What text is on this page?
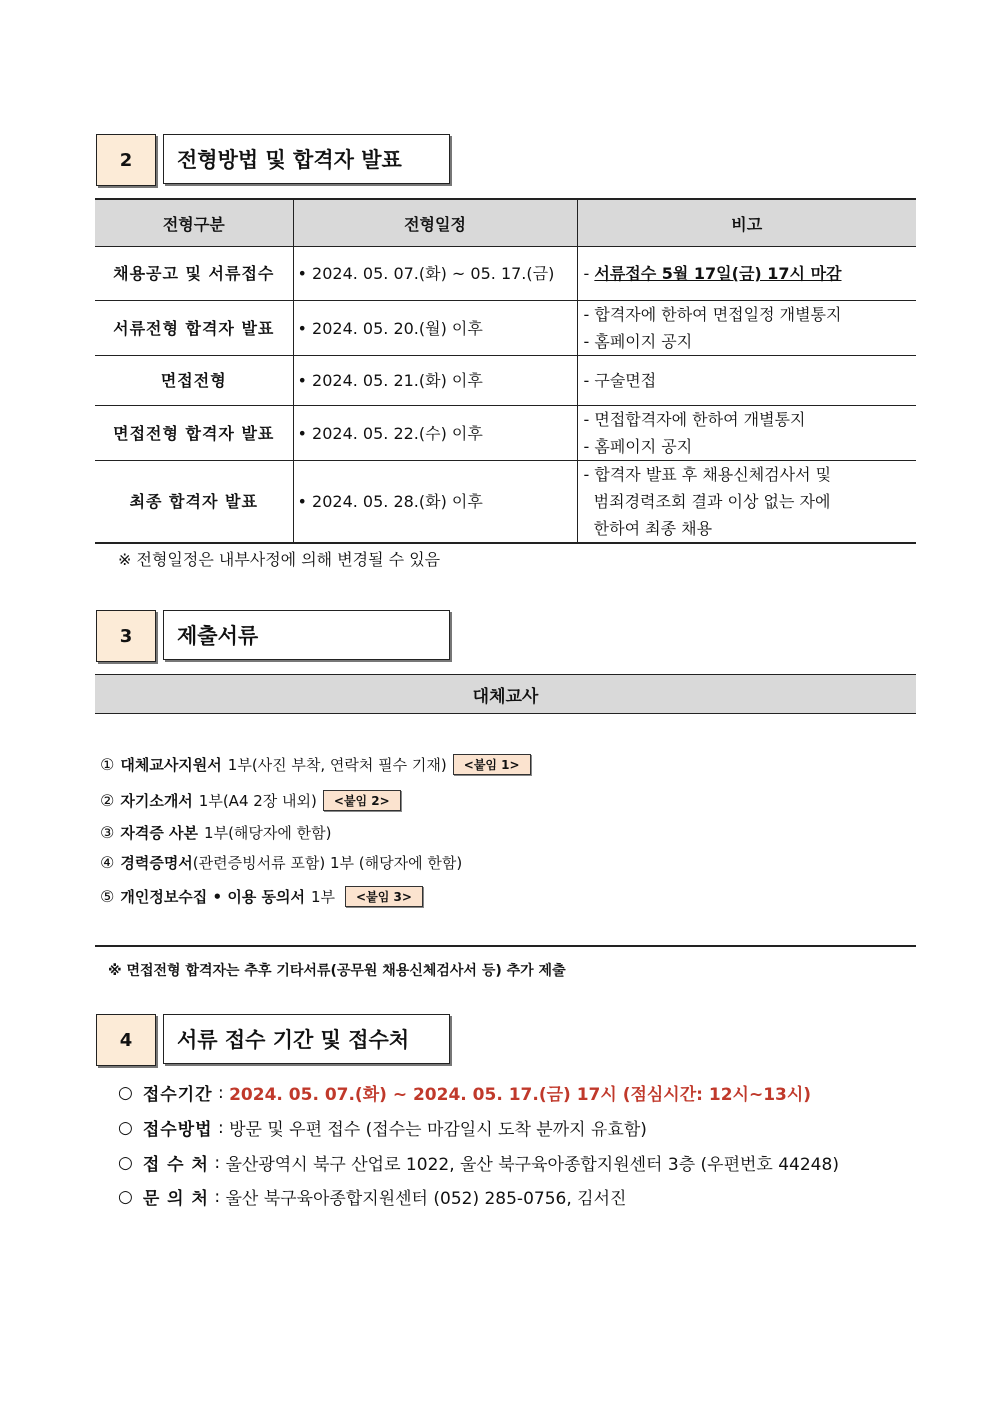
2	전형방법 및 합격자 발표
전형구분	전형일정	비고
채용공고 및 서류접수	• 2024. 05. 07.(화) ~ 05. 17.(금)	- 서류접수 5월 17일(금) 17시 마감
서류전형 합격자 발표	• 2024. 05. 20.(월) 이후	- 합격자에 한하여 면접일정 개별통지
- 홈페이지 공지

면접전형	• 2024. 05. 21.(화) 이후	- 구술면접
면접전형 합격자 발표	• 2024. 05. 22.(수) 이후	- 면접합격자에 한하여 개별통지
- 홈페이지 공지

최종 합격자 발표	• 2024. 05. 28.(화) 이후	- 합격자 발표 후 채용신체검사서 및
범죄경력조회 결과 이상 없는 자에
한하여 최종 채용
※ 전형일정은 내부사정에 의해 변경될 수 있음
3	제출서류
대체교사
① 대체교사지원서 1부(사진 부착, 연락처 필수 기재)	<붙임 1>
② 자기소개서 1부(A4 2장 내외)	<붙임 2>
③ 자격증 사본 1부(해당자에 한함)
④ 경력증명서 (관련증빙서류 포함) 1부 (해당자에 한함)
⑤ 개인정보수집 • 이용 동의서 1부	<붙임 3>
※ 면접전형 합격자는 추후 기타서류(공무원 채용신체검사서 등) 추가 제출
4	서류 접수 기간 및 접수처
○ 접수기간 : 2024. 05. 07.(화) ~ 2024. 05. 17.(금) 17시 (점심시간: 12시~13시)
○ 접수방법 : 방문 및 우편 접수 (접수는 마감일시 도착 분까지 유효함)
○ 접 수 처 : 울산광역시 북구 산업로 1022, 울산 북구육아종합지원센터 3층 (우편번호 44248)
○ 문 의 처 : 울산 북구육아종합지원센터 (052) 285-0756, 김서진
